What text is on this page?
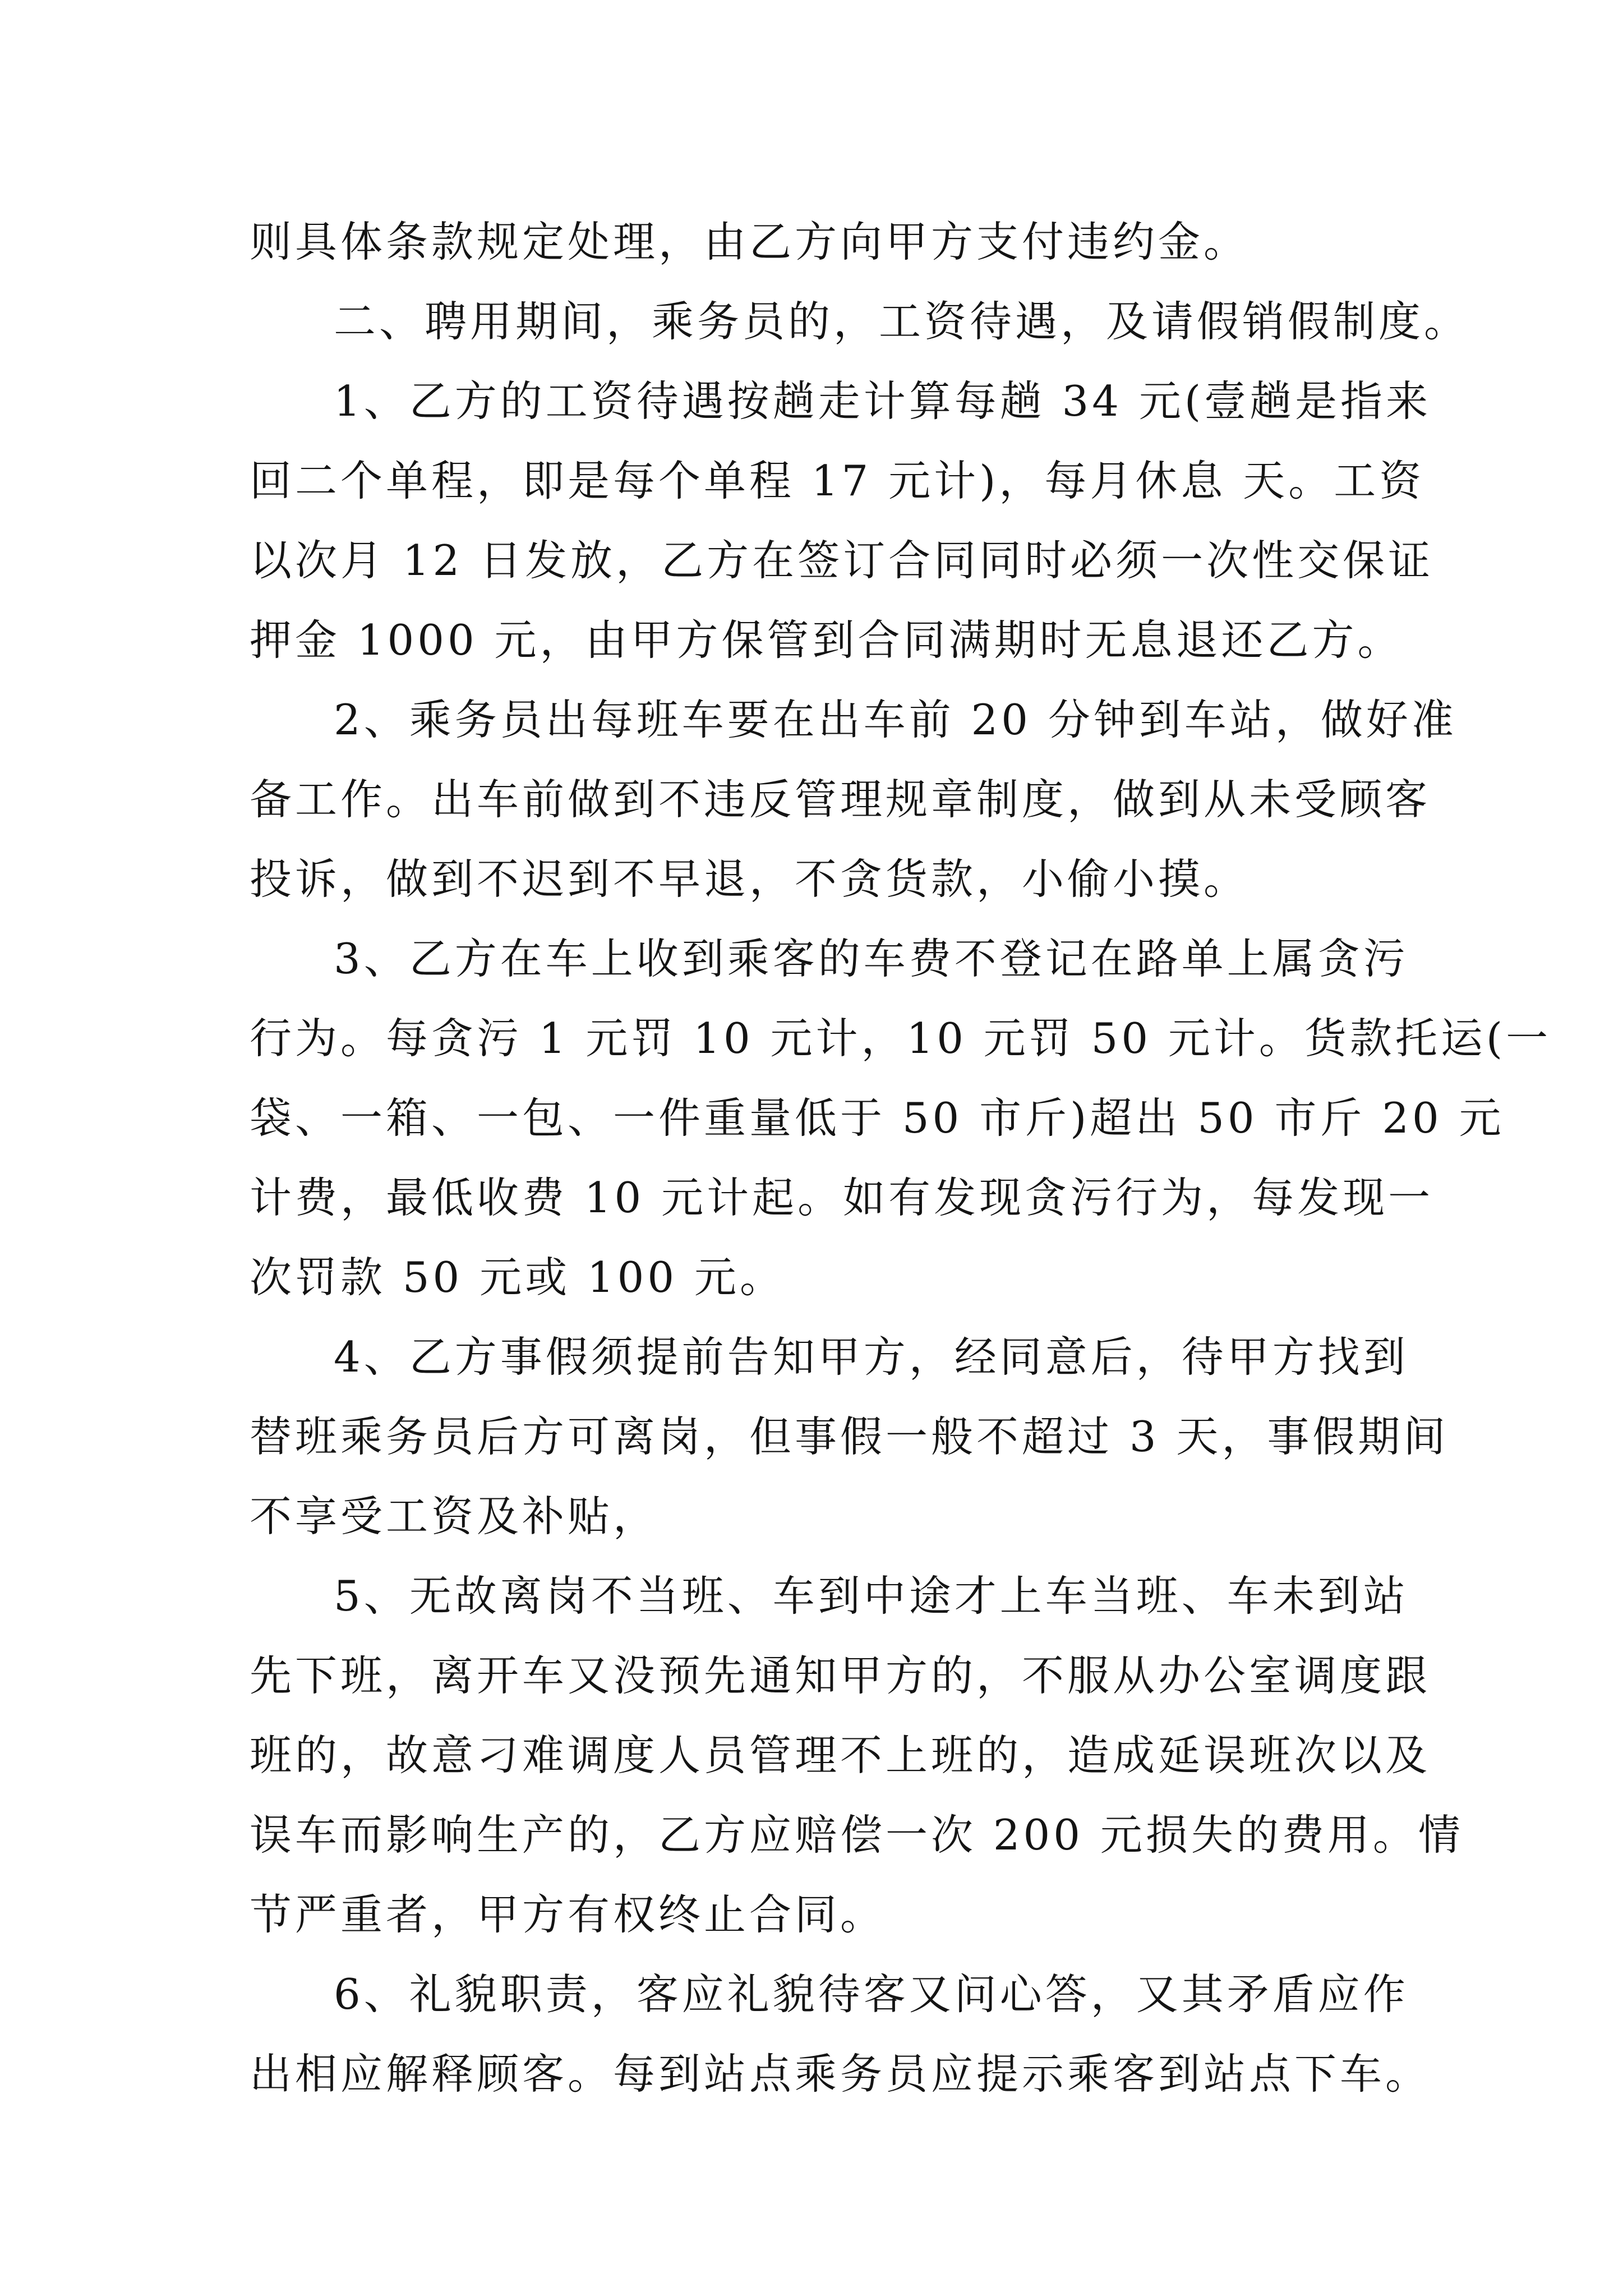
则具体条款规定处理，由乙方向甲方支付违约金。
二、聘用期间，乘务员的，工资待遇，及请假销假制度。
1、乙方的工资待遇按趟走计算每趟 34 元(壹趟是指来
回二个单程，即是每个单程 17 元计)，每月休息 天。工资
以次月 12 日发放，乙方在签订合同同时必须一次性交保证
押金 1000 元，由甲方保管到合同满期时无息退还乙方。
2、乘务员出每班车要在出车前 20 分钟到车站，做好准
备工作。出车前做到不违反管理规章制度，做到从未受顾客
投诉，做到不迟到不早退，不贪货款，小偷小摸。
3、乙方在车上收到乘客的车费不登记在路单上属贪污
行为。每贪污 1 元罚 10 元计，10 元罚 50 元计。货款托运(一
袋、一箱、一包、一件重量低于 50 市斤)超出 50 市斤 20 元
计费，最低收费 10 元计起。如有发现贪污行为，每发现一
次罚款 50 元或 100 元。
4、乙方事假须提前告知甲方，经同意后，待甲方找到
替班乘务员后方可离岗，但事假一般不超过 3 天，事假期间
不享受工资及补贴，
5、无故离岗不当班、车到中途才上车当班、车未到站
先下班，离开车又没预先通知甲方的，不服从办公室调度跟
班的，故意刁难调度人员管理不上班的，造成延误班次以及
误车而影响生产的，乙方应赔偿一次 200 元损失的费用。情
节严重者，甲方有权终止合同。
6、礼貌职责，客应礼貌待客又问心答，又其矛盾应作
出相应解释顾客。每到站点乘务员应提示乘客到站点下车。
